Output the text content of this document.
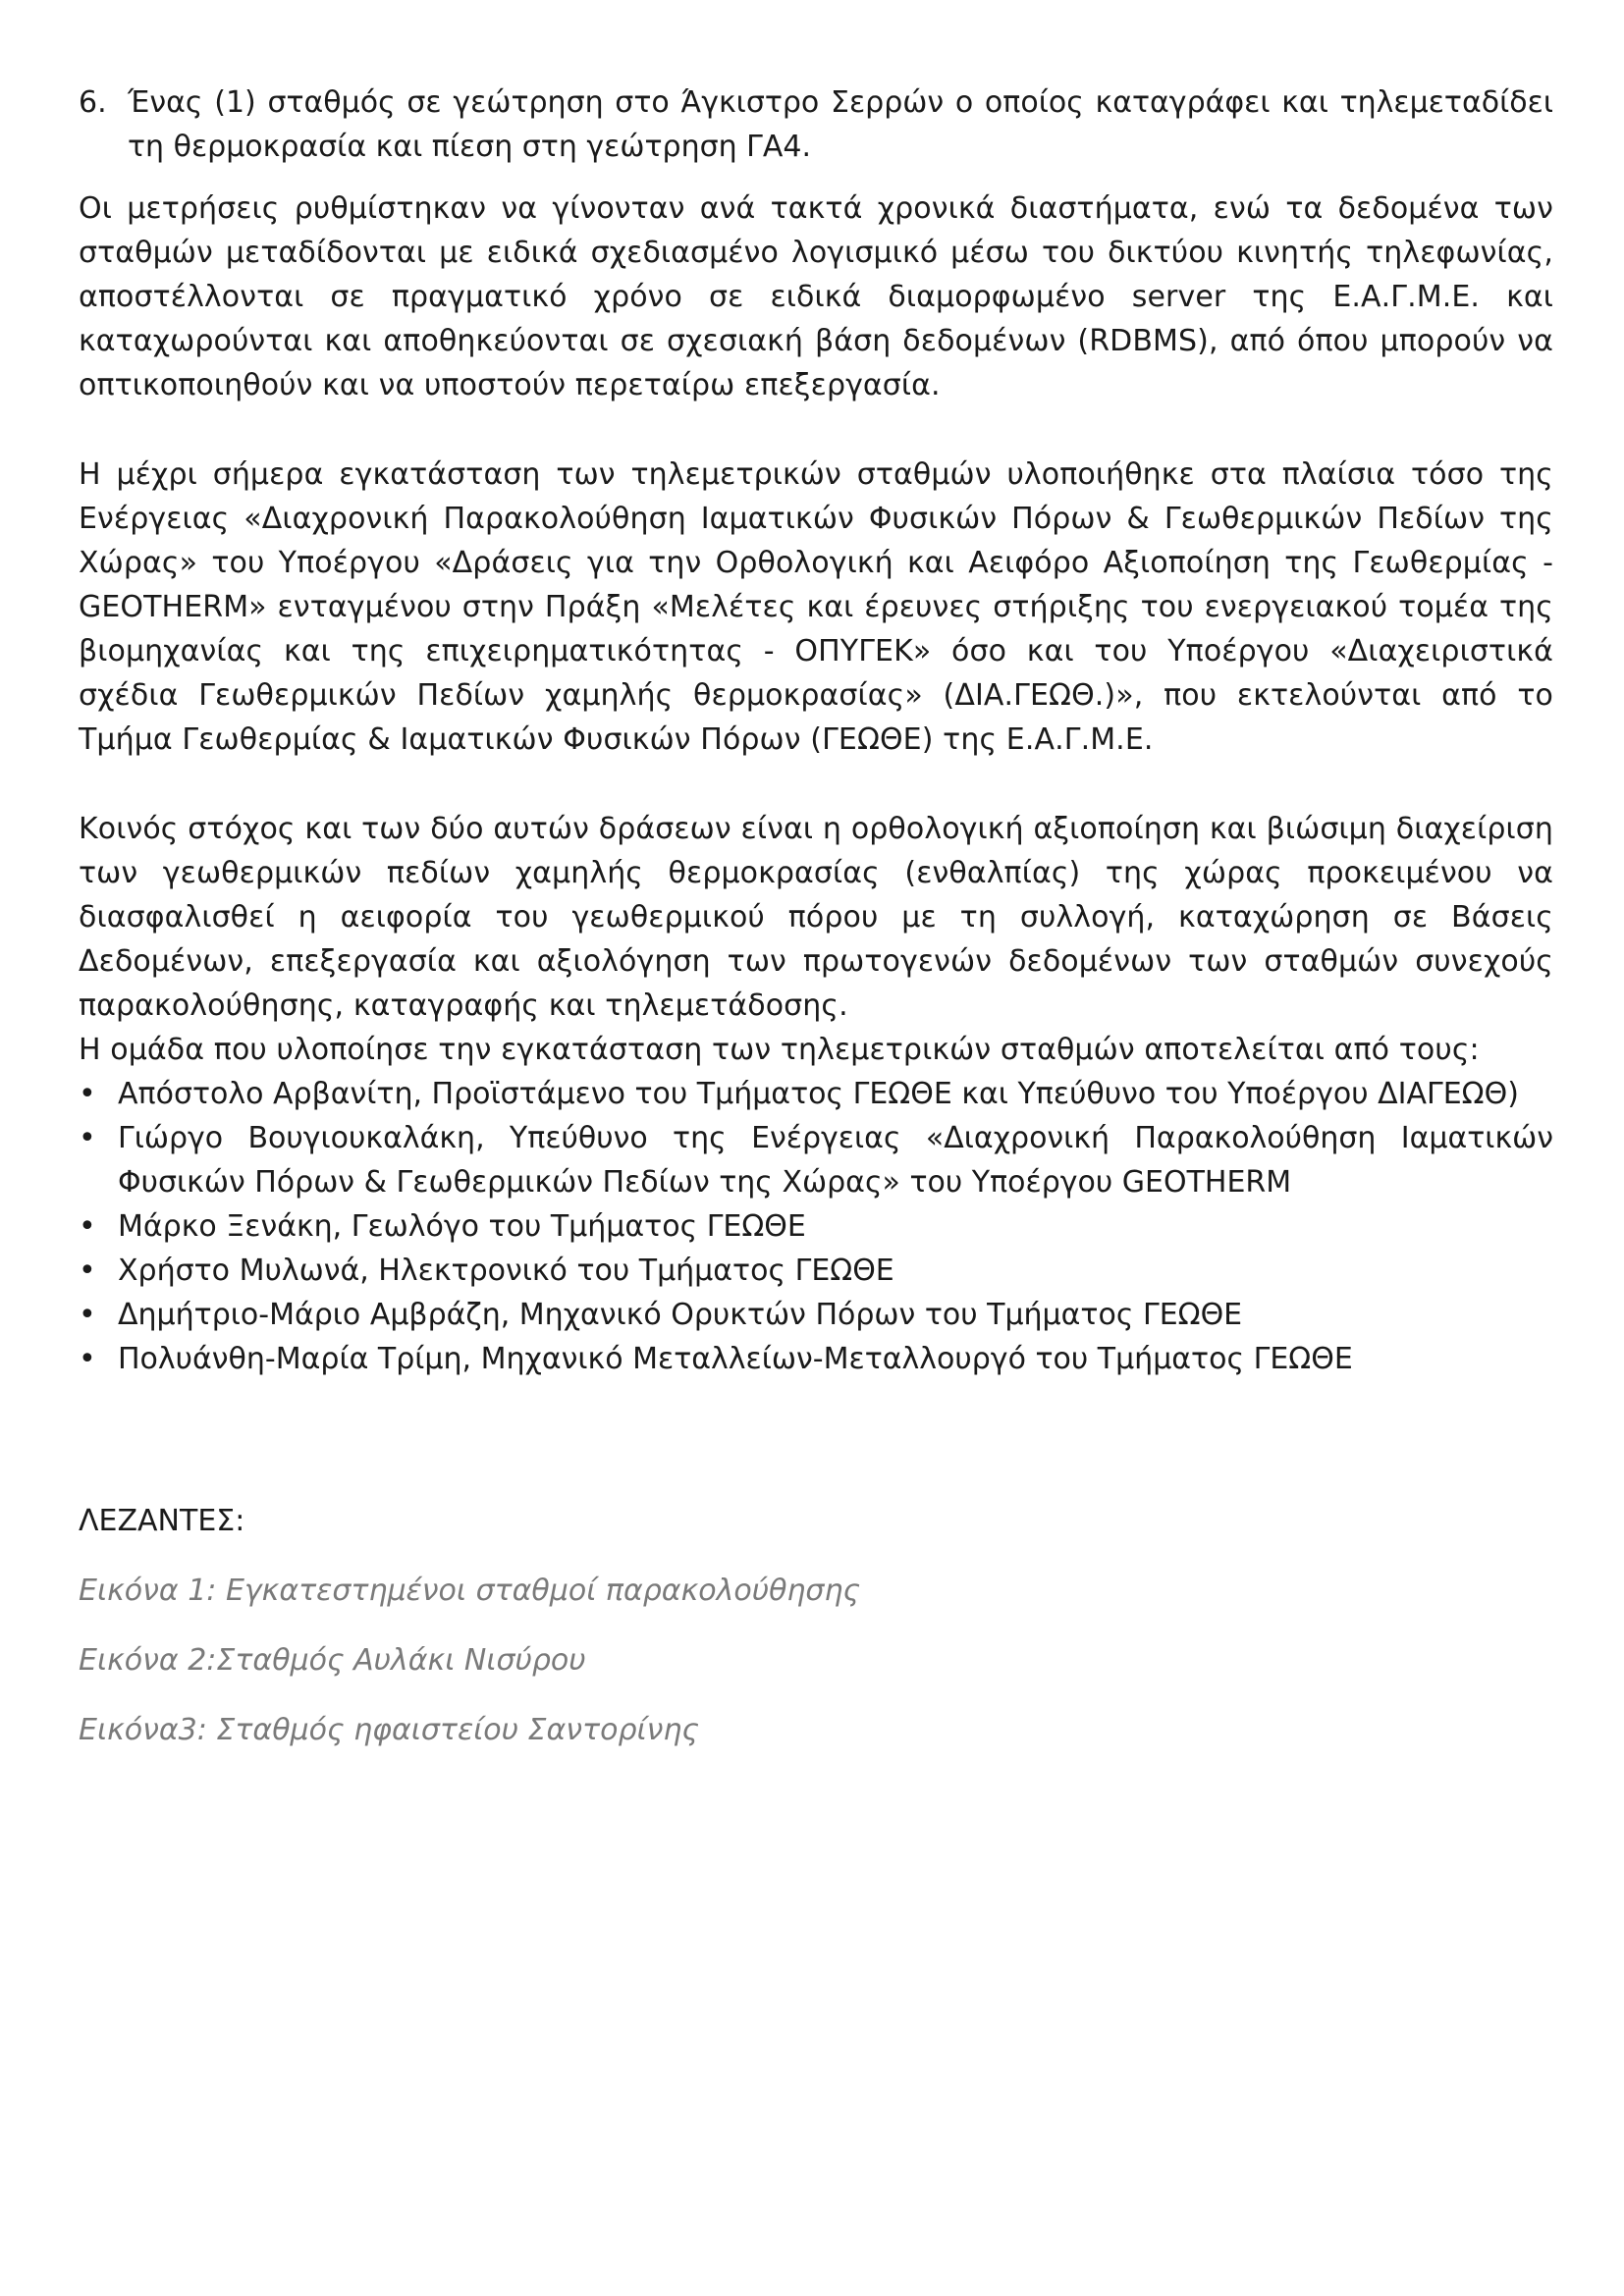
6. Ένας (1) σταθμός σε γεώτρηση στο Άγκιστρο Σερρών ο οποίος καταγράφει και τηλεμεταδίδει τη θερμοκρασία και πίεση στη γεώτρηση ΓΑ4.

Οι μετρήσεις ρυθμίστηκαν να γίνονταν ανά τακτά χρονικά διαστήματα, ενώ τα δεδομένα των σταθμών μεταδίδονται με ειδικά σχεδιασμένο λογισμικό μέσω του δικτύου κινητής τηλεφωνίας, αποστέλλονται σε πραγματικό χρόνο σε ειδικά διαμορφωμένο server της Ε.Α.Γ.Μ.Ε. και καταχωρούνται και αποθηκεύονται σε σχεσιακή βάση δεδομένων (RDBMS), από όπου μπορούν να οπτικοποιηθούν και να υποστούν περεταίρω επεξεργασία.

Η μέχρι σήμερα εγκατάσταση των τηλεμετρικών σταθμών υλοποιήθηκε στα πλαίσια τόσο της Ενέργειας «Διαχρονική Παρακολούθηση Ιαματικών Φυσικών Πόρων & Γεωθερμικών Πεδίων της Χώρας» του Υποέργου «Δράσεις για την Ορθολογική και Αειφόρο Αξιοποίηση της Γεωθερμίας - GEOTHERM» ενταγμένου στην Πράξη «Μελέτες και έρευνες στήριξης του ενεργειακού τομέα της βιομηχανίας και της επιχειρηματικότητας - ΟΠΥΓΕΚ» όσο και του Υποέργου «Διαχειριστικά σχέδια Γεωθερμικών Πεδίων χαμηλής θερμοκρασίας» (ΔΙΑ.ΓΕΩΘ.)», που εκτελούνται από το Τμήμα Γεωθερμίας & Ιαματικών Φυσικών Πόρων (ΓΕΩΘΕ) της Ε.Α.Γ.Μ.Ε.

Κοινός στόχος και των δύο αυτών δράσεων είναι η ορθολογική αξιοποίηση και βιώσιμη διαχείριση των γεωθερμικών πεδίων χαμηλής θερμοκρασίας (ενθαλπίας) της χώρας προκειμένου να διασφαλισθεί η αειφορία του γεωθερμικού πόρου με τη συλλογή, καταχώρηση σε Βάσεις Δεδομένων, επεξεργασία και αξιολόγηση των πρωτογενών δεδομένων των σταθμών συνεχούς παρακολούθησης, καταγραφής και τηλεμετάδοσης.

Η ομάδα που υλοποίησε την εγκατάσταση των τηλεμετρικών σταθμών αποτελείται από τους:

• Απόστολο Αρβανίτη, Προϊστάμενο του Τμήματος ΓΕΩΘΕ και Υπεύθυνο του Υποέργου ΔΙΑΓΕΩΘ)
• Γιώργο Βουγιουκαλάκη, Υπεύθυνο της Ενέργειας «Διαχρονική Παρακολούθηση Ιαματικών Φυσικών Πόρων & Γεωθερμικών Πεδίων της Χώρας» του Υποέργου GEOTHERM
• Μάρκο Ξενάκη, Γεωλόγο του Τμήματος ΓΕΩΘΕ
• Χρήστο Μυλωνά, Ηλεκτρονικό του Τμήματος ΓΕΩΘΕ
• Δημήτριο-Μάριο Αμβράζη, Μηχανικό Ορυκτών Πόρων του Τμήματος ΓΕΩΘΕ
• Πολυάνθη-Μαρία Τρίμη, Μηχανικό Μεταλλείων-Μεταλλουργό του Τμήματος ΓΕΩΘΕ

ΛΕΖΑΝΤΕΣ:

Εικόνα 1: Εγκατεστημένοι σταθμοί παρακολούθησης

Εικόνα 2:Σταθμός Αυλάκι Νισύρου

Εικόνα3: Σταθμός ηφαιστείου Σαντορίνης
